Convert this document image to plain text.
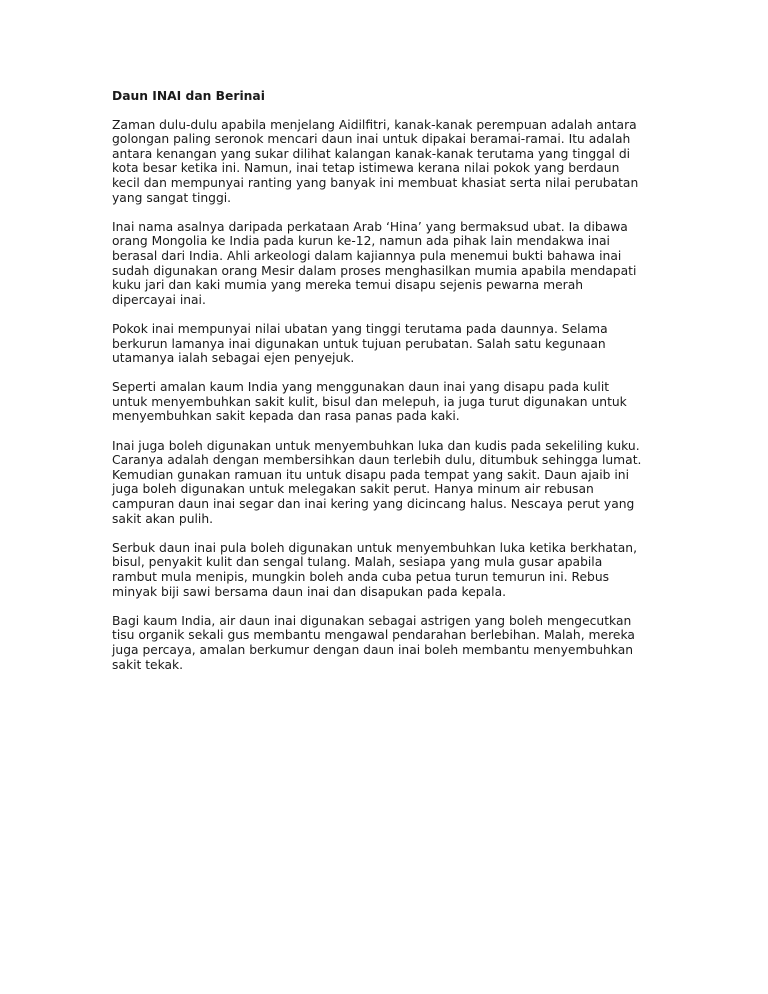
Daun INAI dan Berinai
Zaman dulu-dulu apabila menjelang Aidilfitri, kanak-kanak perempuan adalah antara
golongan paling seronok mencari daun inai untuk dipakai beramai-ramai. Itu adalah
antara kenangan yang sukar dilihat kalangan kanak-kanak terutama yang tinggal di
kota besar ketika ini. Namun, inai tetap istimewa kerana nilai pokok yang berdaun
kecil dan mempunyai ranting yang banyak ini membuat khasiat serta nilai perubatan
yang sangat tinggi.
Inai nama asalnya daripada perkataan Arab ‘Hina’ yang bermaksud ubat. Ia dibawa
orang Mongolia ke India pada kurun ke-12, namun ada pihak lain mendakwa inai
berasal dari India. Ahli arkeologi dalam kajiannya pula menemui bukti bahawa inai
sudah digunakan orang Mesir dalam proses menghasilkan mumia apabila mendapati
kuku jari dan kaki mumia yang mereka temui disapu sejenis pewarna merah
dipercayai inai.
Pokok inai mempunyai nilai ubatan yang tinggi terutama pada daunnya. Selama
berkurun lamanya inai digunakan untuk tujuan perubatan. Salah satu kegunaan
utamanya ialah sebagai ejen penyejuk.
Seperti amalan kaum India yang menggunakan daun inai yang disapu pada kulit
untuk menyembuhkan sakit kulit, bisul dan melepuh, ia juga turut digunakan untuk
menyembuhkan sakit kepada dan rasa panas pada kaki.
Inai juga boleh digunakan untuk menyembuhkan luka dan kudis pada sekeliling kuku.
Caranya adalah dengan membersihkan daun terlebih dulu, ditumbuk sehingga lumat.
Kemudian gunakan ramuan itu untuk disapu pada tempat yang sakit. Daun ajaib ini
juga boleh digunakan untuk melegakan sakit perut. Hanya minum air rebusan
campuran daun inai segar dan inai kering yang dicincang halus. Nescaya perut yang
sakit akan pulih.
Serbuk daun inai pula boleh digunakan untuk menyembuhkan luka ketika berkhatan,
bisul, penyakit kulit dan sengal tulang. Malah, sesiapa yang mula gusar apabila
rambut mula menipis, mungkin boleh anda cuba petua turun temurun ini. Rebus
minyak biji sawi bersama daun inai dan disapukan pada kepala.
Bagi kaum India, air daun inai digunakan sebagai astrigen yang boleh mengecutkan
tisu organik sekali gus membantu mengawal pendarahan berlebihan. Malah, mereka
juga percaya, amalan berkumur dengan daun inai boleh membantu menyembuhkan
sakit tekak.
